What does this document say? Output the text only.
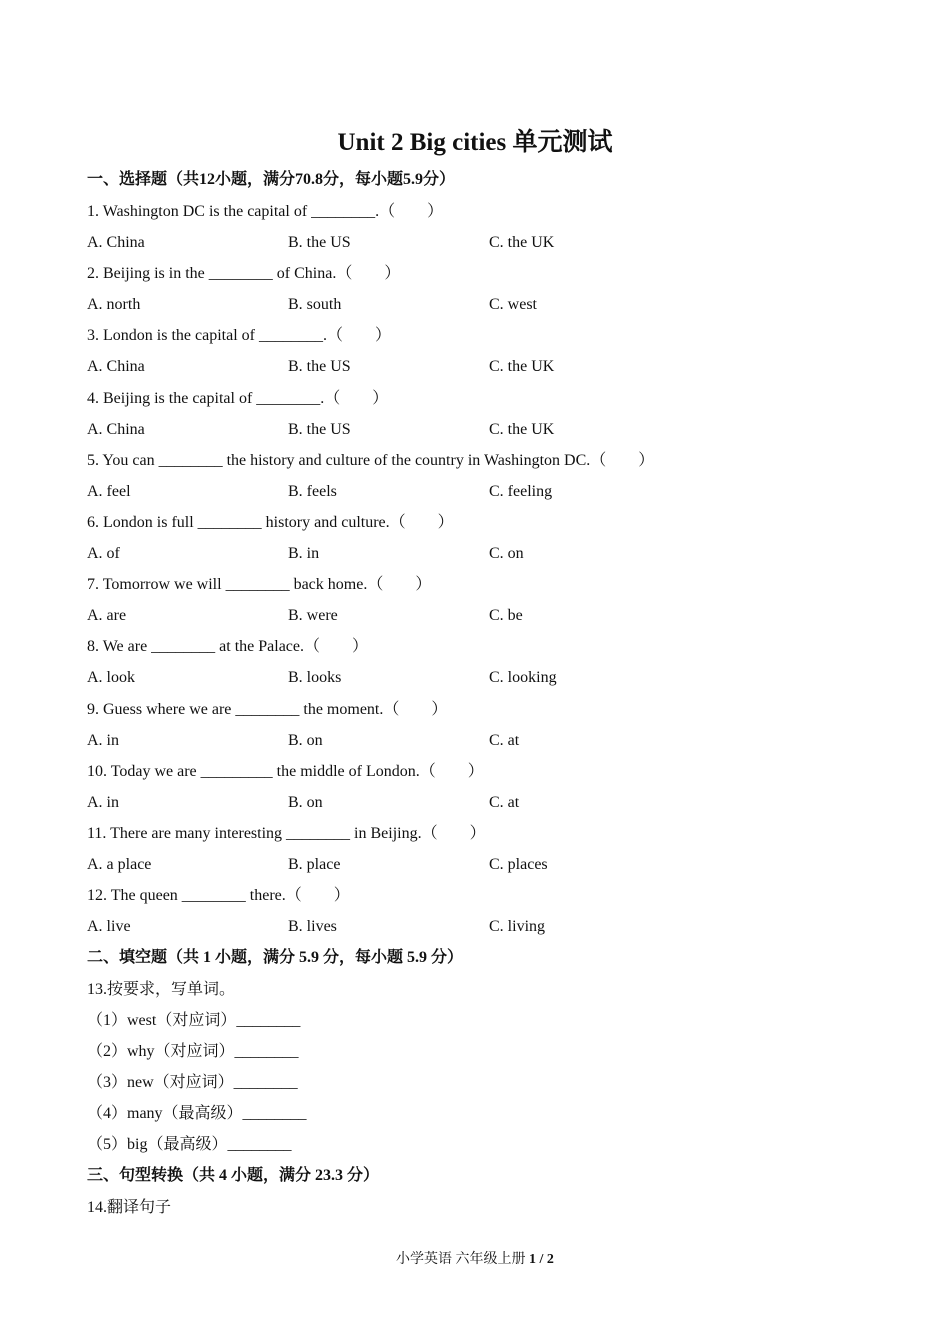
Unit 2 Big cities 单元测试
一、选择题（共12小题，满分70.8分，每小题5.9分）
1. Washington DC is the capital of ________.（　　）
A. China	B. the US	C. the UK
2. Beijing is in the ________ of China.（　　）
A. north	B. south	C. west
3. London is the capital of ________.（　　）
A. China	B. the US	C. the UK
4. Beijing is the capital of ________.（　　）
A. China	B. the US	C. the UK
5. You can ________ the history and culture of the country in Washington DC.（　　）
A. feel	B. feels	C. feeling
6. London is full ________ history and culture.（　　）
A. of	B. in	C. on
7. Tomorrow we will ________ back home.（　　）
A. are	B. were	C. be
8. We are ________ at the Palace.（　　）
A. look	B. looks	C. looking
9. Guess where we are ________ the moment.（　　）
A. in	B. on	C. at
10. Today we are _________ the middle of London.（　　）
A. in	B. on	C. at
11. There are many interesting ________ in Beijing.（　　）
A. a place	B. place	C. places
12. The queen ________ there.（　　）
A. live	B. lives	C. living
二、填空题（共 1 小题，满分 5.9 分，每小题 5.9 分）
13.按要求，写单词。
（1）west（对应词）________
（2）why（对应词）________
（3）new（对应词）________
（4）many（最高级）________
（5）big（最高级）________
三、句型转换（共 4 小题，满分 23.3 分）
14.翻译句子
小学英语 六年级上册 1 / 2
